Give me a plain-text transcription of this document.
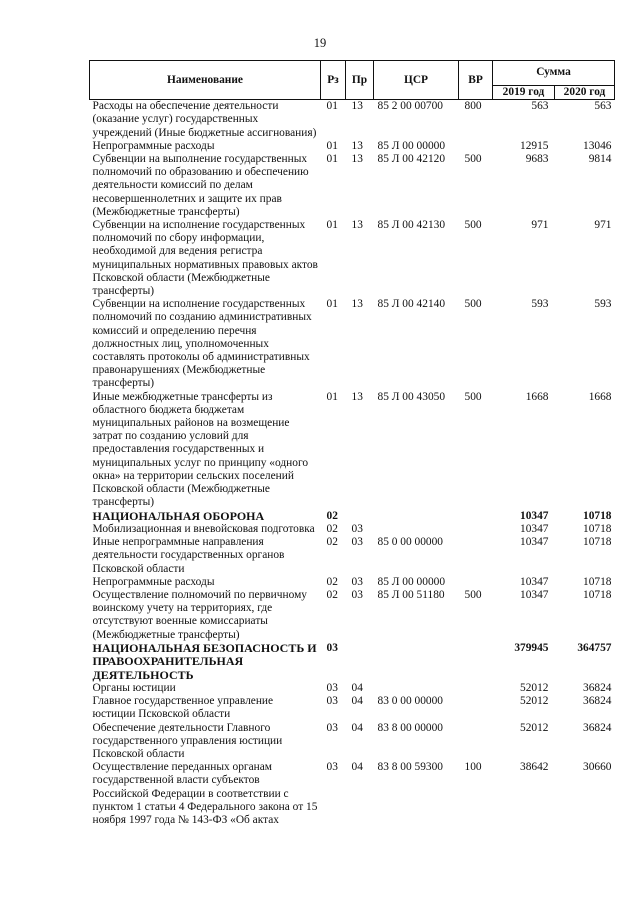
19
Наименование	Рз	Пр	ЦСР	ВР	Сумма	
					2019 год	2020 год
Расходы на обеспечение деятельности (оказание услуг) государственных учреждений (Иные бюджетные ассигнования)	01	13	85 2 00 00700	800	563	563
Непрограммные расходы	01	13	85 Л 00 00000		12915	13046
Субвенции на выполнение государственных полномочий по образованию и обеспечению деятельности комиссий по делам несовершеннолетних и защите их прав (Межбюджетные трансферты)	01	13	85 Л 00 42120	500	9683	9814
Субвенции на исполнение государственных полномочий по сбору информации, необходимой для ведения регистра муниципальных нормативных правовых актов Псковской области (Межбюджетные трансферты)	01	13	85 Л 00 42130	500	971	971
Субвенции на исполнение государственных полномочий по созданию административных комиссий и определению перечня должностных лиц, уполномоченных составлять протоколы об административных правонарушениях (Межбюджетные трансферты)	01	13	85 Л 00 42140	500	593	593
Иные межбюджетные трансферты из областного бюджета бюджетам муниципальных районов на возмещение затрат по созданию условий для предоставления государственных и муниципальных услуг по принципу «одного окна» на территории сельских поселений Псковской области (Межбюджетные трансферты)	01	13	85 Л 00 43050	500	1668	1668
НАЦИОНАЛЬНАЯ ОБОРОНА	02				10347	10718
Мобилизационная и вневойсковая подготовка	02	03			10347	10718
Иные непрограммные направления деятельности государственных органов Псковской области	02	03	85 0 00 00000		10347	10718
Непрограммные расходы	02	03	85 Л 00 00000		10347	10718
Осуществление полномочий по первичному воинскому учету на территориях, где отсутствуют военные комиссариаты (Межбюджетные трансферты)	02	03	85 Л 00 51180	500	10347	10718
НАЦИОНАЛЬНАЯ БЕЗОПАСНОСТЬ И ПРАВООХРАНИТЕЛЬНАЯ ДЕЯТЕЛЬНОСТЬ	03				379945	364757
Органы юстиции	03	04			52012	36824
Главное государственное управление юстиции Псковской области	03	04	83 0 00 00000		52012	36824
Обеспечение деятельности Главного государственного управления юстиции Псковской области	03	04	83 8 00 00000		52012	36824
Осуществление переданных органам государственной власти субъектов Российской Федерации в соответствии с пунктом 1 статьи 4 Федерального закона от 15 ноября 1997 года № 143-ФЗ «Об актах	03	04	83 8 00 59300	100	38642	30660
